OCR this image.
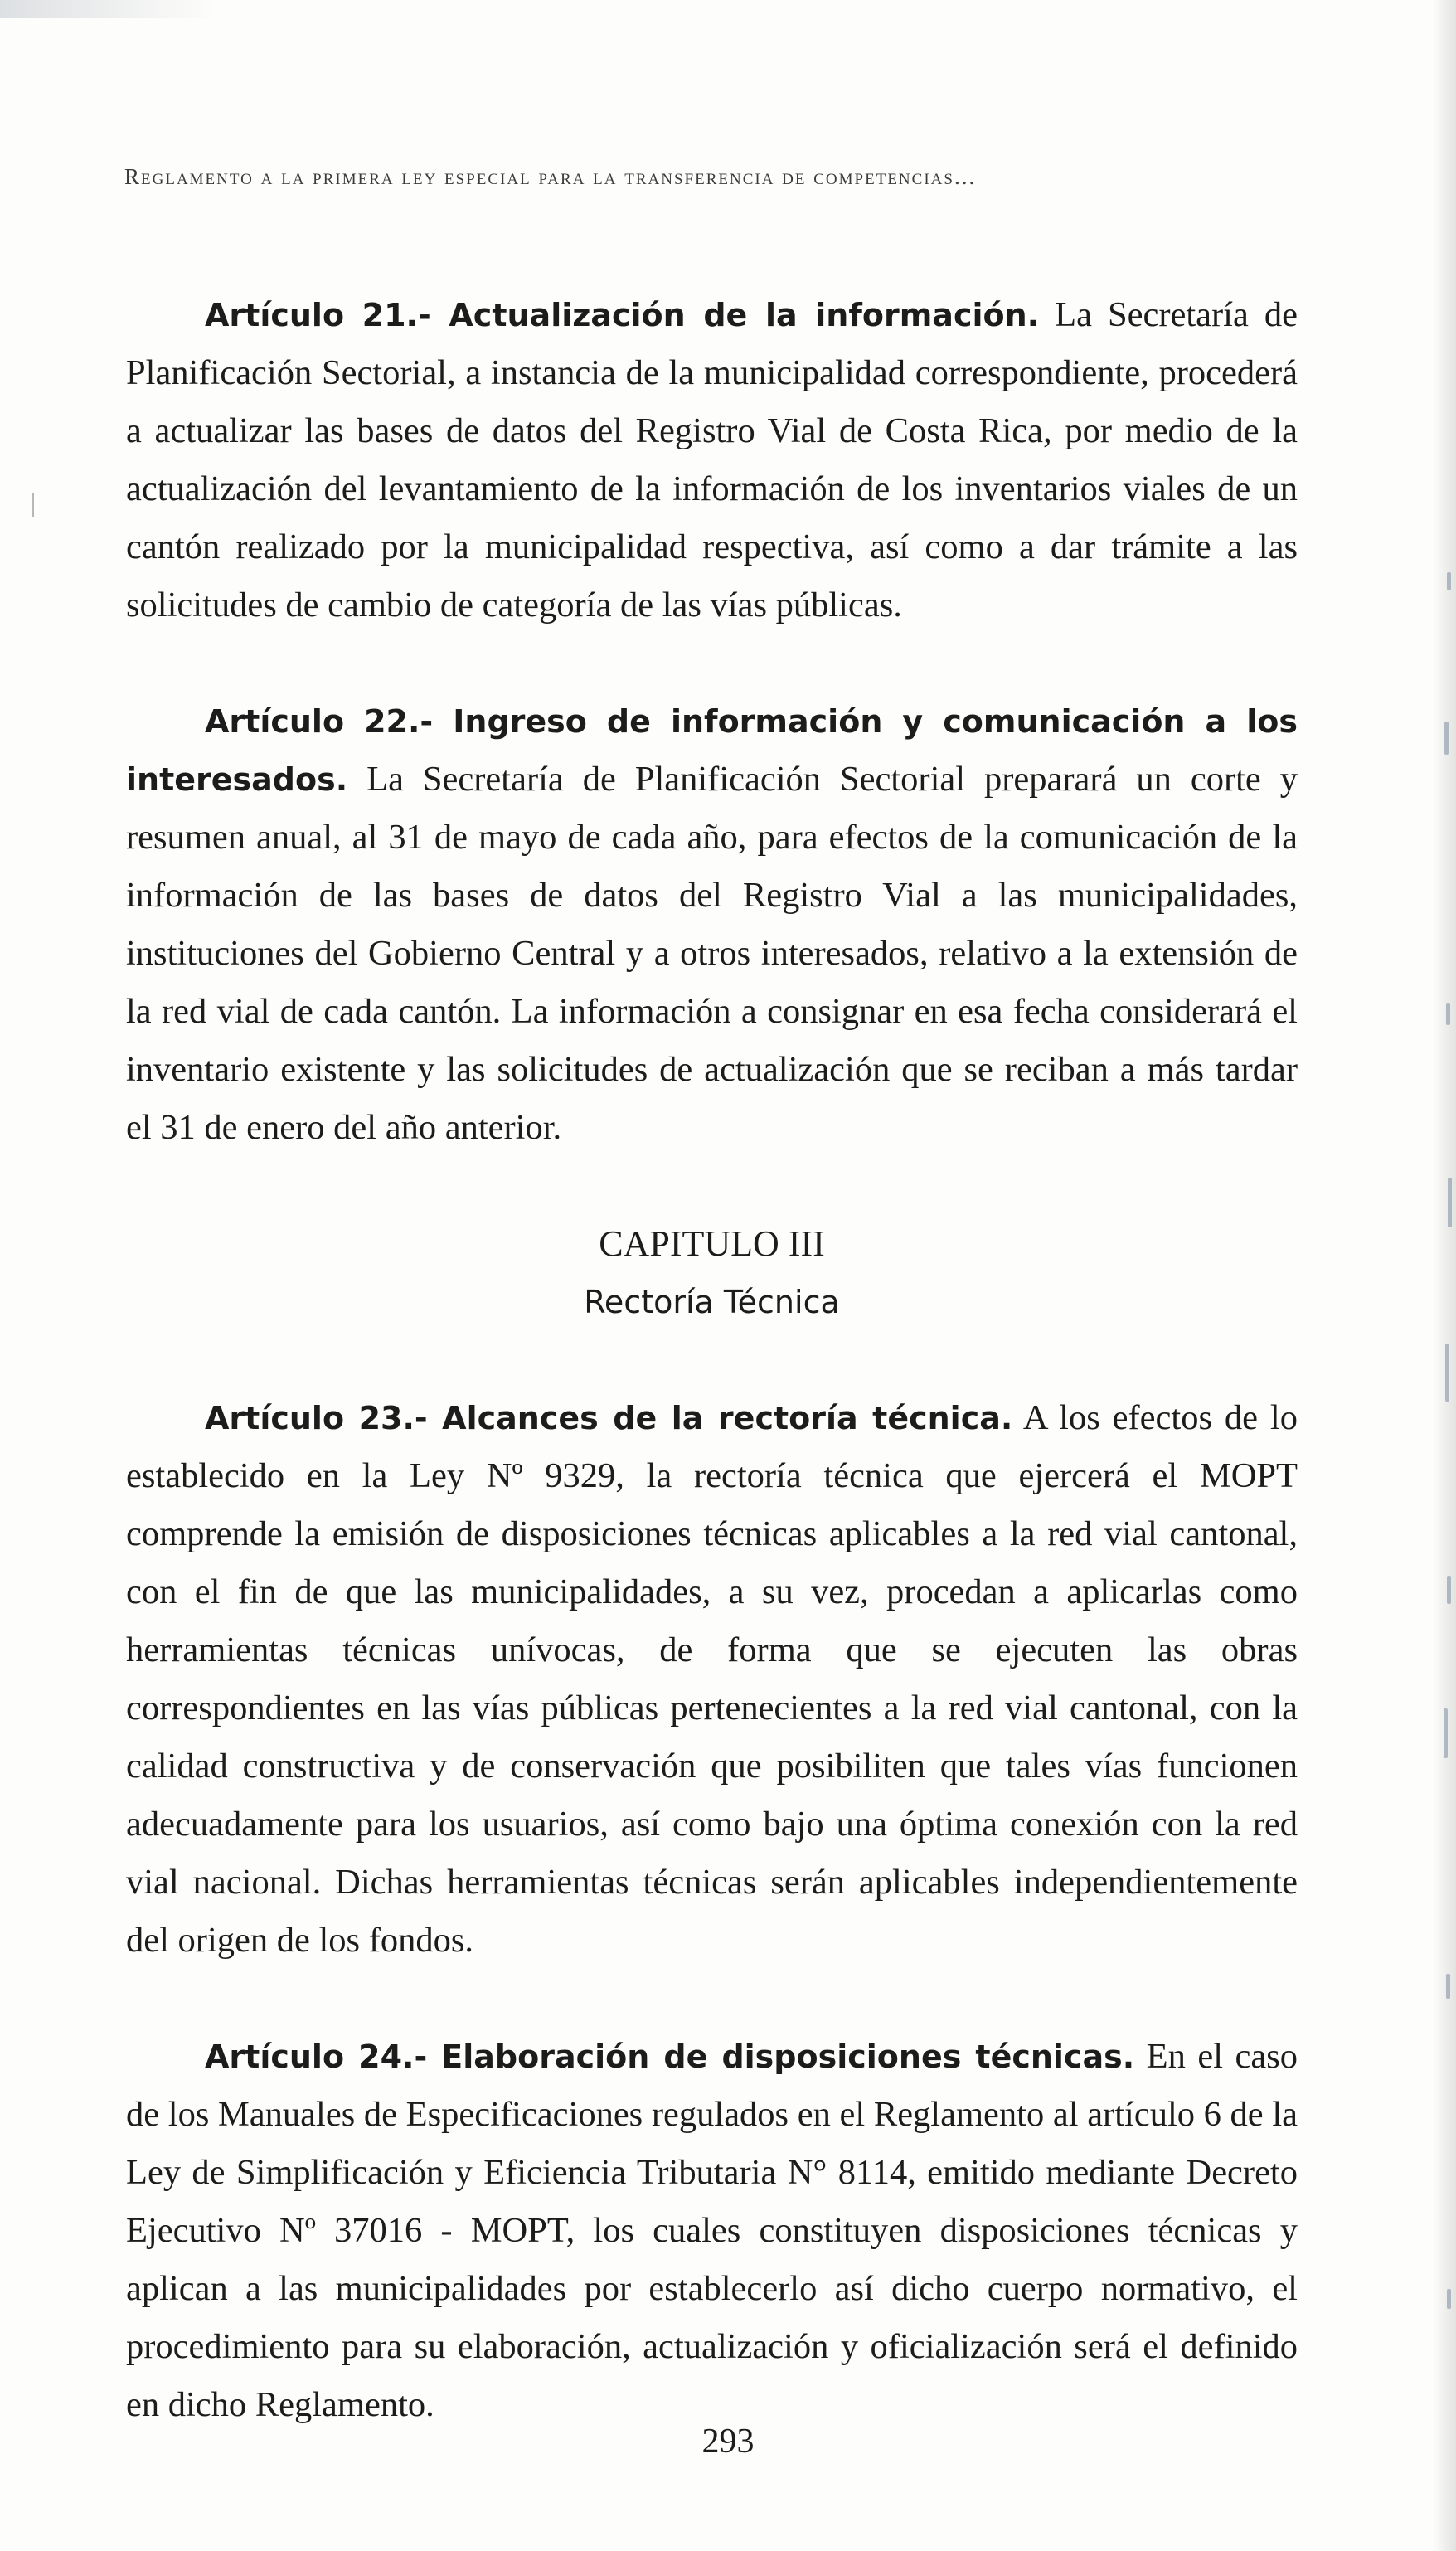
Reglamento a la primera ley especial para la transferencia de competencias...

Artículo 21.- Actualización de la información. La Secretaría de Planificación Sectorial, a instancia de la municipalidad correspondiente, procederá a actualizar las bases de datos del Registro Vial de Costa Rica, por medio de la actualización del levantamiento de la información de los inventarios viales de un cantón realizado por la municipalidad respectiva, así como a dar trámite a las solicitudes de cambio de categoría de las vías públicas.

Artículo 22.- Ingreso de información y comunicación a los interesados. La Secretaría de Planificación Sectorial preparará un corte y resumen anual, al 31 de mayo de cada año, para efectos de la comunicación de la información de las bases de datos del Registro Vial a las municipalidades, instituciones del Gobierno Central y a otros interesados, relativo a la extensión de la red vial de cada cantón. La información a consignar en esa fecha considerará el inventario existente y las solicitudes de actualización que se reciban a más tardar el 31 de enero del año anterior.

CAPITULO III

Rectoría Técnica

Artículo 23.- Alcances de la rectoría técnica. A los efectos de lo establecido en la Ley Nº 9329, la rectoría técnica que ejercerá el MOPT comprende la emisión de disposiciones técnicas aplicables a la red vial cantonal, con el fin de que las municipalidades, a su vez, procedan a aplicarlas como herramientas técnicas unívocas, de forma que se ejecuten las obras correspondientes en las vías públicas pertenecientes a la red vial cantonal, con la calidad constructiva y de conservación que posibiliten que tales vías funcionen adecuadamente para los usuarios, así como bajo una óptima conexión con la red vial nacional. Dichas herramientas técnicas serán aplicables independientemente del origen de los fondos.

Artículo 24.- Elaboración de disposiciones técnicas. En el caso de los Manuales de Especificaciones regulados en el Reglamento al artículo 6 de la Ley de Simplificación y Eficiencia Tributaria N° 8114, emitido mediante Decreto Ejecutivo Nº 37016 - MOPT, los cuales constituyen disposiciones técnicas y aplican a las municipalidades por establecerlo así dicho cuerpo normativo, el procedimiento para su elaboración, actualización y oficialización será el definido en dicho Reglamento.

293
